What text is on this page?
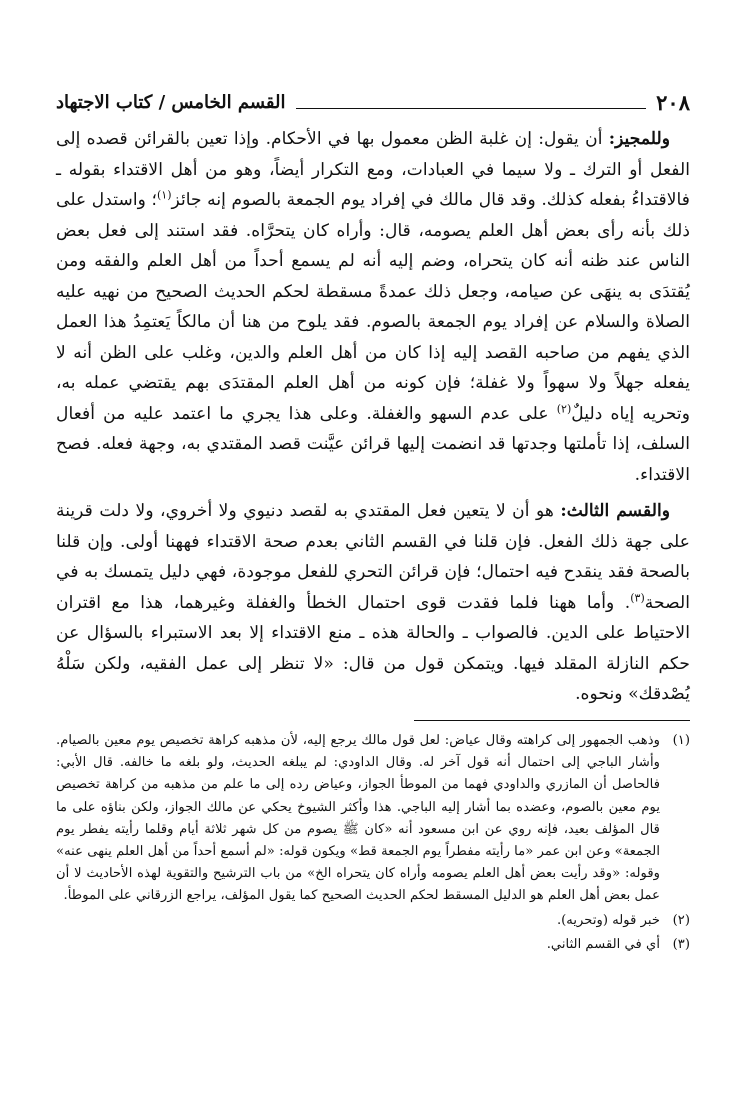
٢٠٨
القسم الخامس / كتاب الاجتهاد

وللمجيز: أن يقول: إن غلبة الظن معمول بها في الأحكام. وإذا تعين بالقرائن قصده إلى الفعل أو الترك ـ ولا سيما في العبادات، ومع التكرار أيضاً، وهو من أهل الاقتداء بقوله ـ فالاقتداءُ بفعله كذلك. وقد قال مالك في إفراد يوم الجمعة بالصوم إنه جائز$^{(١)}$؛ واستدل على ذلك بأنه رأى بعض أهل العلم يصومه، قال: وأراه كان يتحرَّاه. فقد استند إلى فعل بعض الناس عند ظنه أنه كان يتحراه، وضم إليه أنه لم يسمع أحداً من أهل العلم والفقه ومن يُقتدَى به ينهَى عن صيامه، وجعل ذلك عمدةً مسقطة لحكم الحديث الصحيح من نهيه عليه الصلاة والسلام عن إفراد يوم الجمعة بالصوم. فقد يلوح من هنا أن مالكاً يَعتمِدُ هذا العمل الذي يفهم من صاحبه القصد إليه إذا كان من أهل العلم والدين، وغلب على الظن أنه لا يفعله جهلاً ولا سهواً ولا غفلة؛ فإن كونه من أهل العلم المقتدَى بهم يقتضي عمله به، وتحريه إياه دليلٌ$^{(٢)}$ على عدم السهو والغفلة. وعلى هذا يجري ما اعتمد عليه من أفعال السلف، إذا تأملتها وجدتها قد انضمت إليها قرائن عيَّنت قصد المقتدي به، وجهة فعله. فصح الاقتداء.

والقسم الثالث: هو أن لا يتعين فعل المقتدي به لقصد دنيوي ولا أخروي، ولا دلت قرينة على جهة ذلك الفعل. فإن قلنا في القسم الثاني بعدم صحة الاقتداء فههنا أولى. وإن قلنا بالصحة فقد ينقدح فيه احتمال؛ فإن قرائن التحري للفعل موجودة، فهي دليل يتمسك به في الصحة$^{(٣)}$. وأما ههنا فلما فقدت قوى احتمال الخطأ والغفلة وغيرهما، هذا مع اقتران الاحتياط على الدين. فالصواب ـ والحالة هذه ـ منع الاقتداء إلا بعد الاستبراء بالسؤال عن حكم النازلة المقلد فيها. ويتمكن قول من قال: «لا تنظر إلى عمل الفقيه، ولكن سَلْهُ يُصْدقك» ونحوه.

(١)
وذهب الجمهور إلى كراهته وقال عياض: لعل قول مالك يرجع إليه، لأن مذهبه كراهة تخصيص يوم معين بالصيام. وأشار الباجي إلى احتمال أنه قول آخر له. وقال الداودي: لم يبلغه الحديث، ولو بلغه ما خالفه. قال الأبي: فالحاصل أن المازري والداودي فهما من الموطأ الجواز، وعياض رده إلى ما علم من مذهبه من كراهة تخصيص يوم معين بالصوم، وعضده بما أشار إليه الباجي. هذا وأكثر الشيوخ يحكي عن مالك الجواز، ولكن بناؤه على ما قال المؤلف بعيد، فإنه روي عن ابن مسعود أنه «كان ﷺ يصوم من كل شهر ثلاثة أيام وقلما رأيته يفطر يوم الجمعة» وعن ابن عمر «ما رأيته مفطراً يوم الجمعة قط» ويكون قوله: «لم أسمع أحداً من أهل العلم ينهى عنه» وقوله: «وقد رأيت بعض أهل العلم يصومه وأراه كان يتحراه الخ» من باب الترشيح والتقوية لهذه الأحاديث لا أن عمل بعض أهل العلم هو الدليل المسقط لحكم الحديث الصحيح كما يقول المؤلف، يراجع الزرقاني على الموطأ.
(٢)
خبر قوله (وتحريه).
(٣)
أي في القسم الثاني.
